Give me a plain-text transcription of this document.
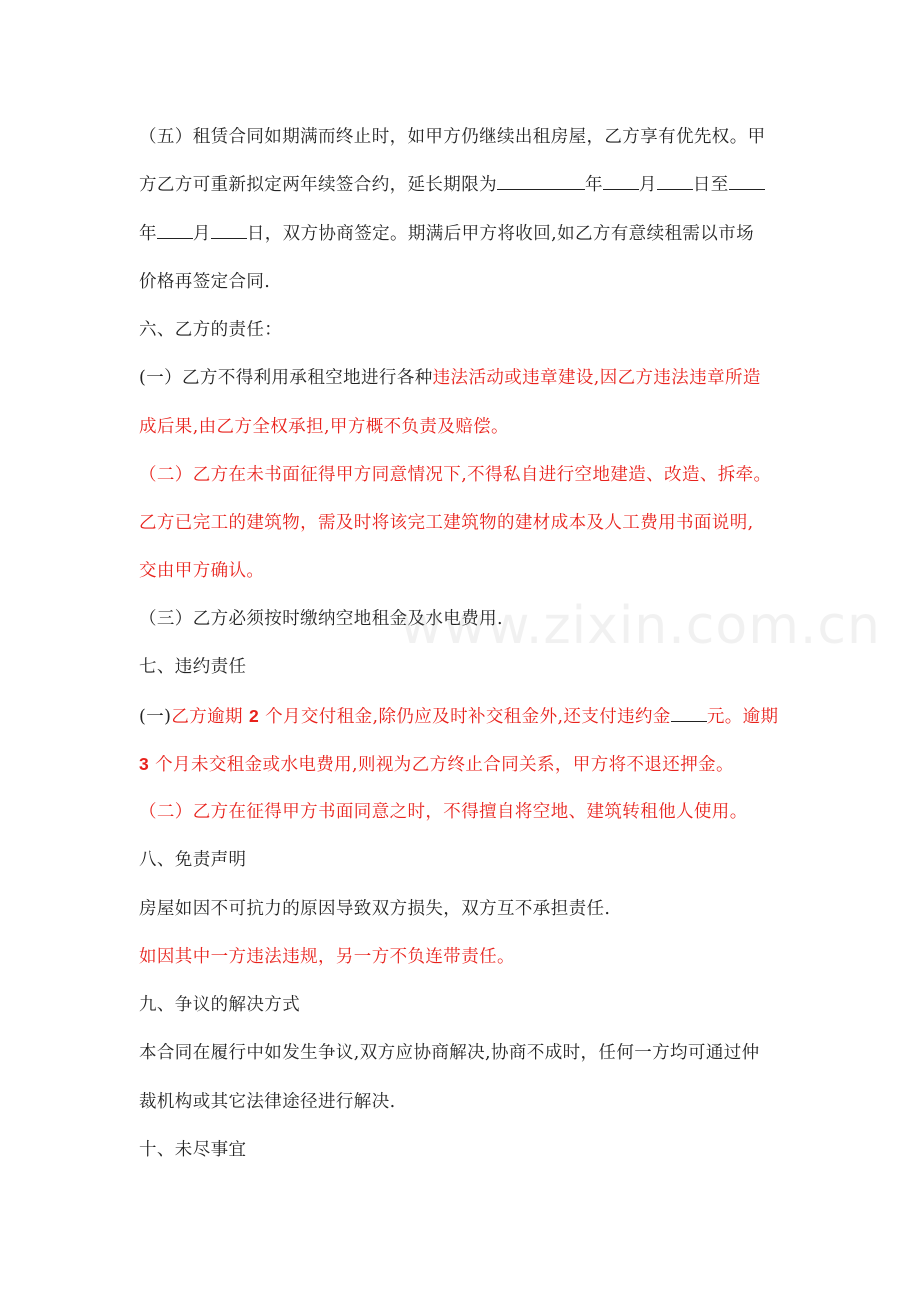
（五）租赁合同如期满而终止时，如甲方仍继续出租房屋，乙方享有优先权。甲
方乙方可重新拟定两年续签合约，延长期限为	年 月 日至
年 月 日，双方协商签定。期满后甲方将收回,如乙方有意续租需以市场
价格再签定合同.
六、乙方的责任：
(一）乙方不得利用承租空地进行各种违法活动或违章建设,因乙方违法违章所造
成后果,由乙方全权承担,甲方概不负责及赔偿。
（二）乙方在未书面征得甲方同意情况下,不得私自进行空地建造、改造、拆牵。
乙方已完工的建筑物，需及时将该完工建筑物的建材成本及人工费用书面说明,
交由甲方确认。
（三）乙方必须按时缴纳空地租金及水电费用.
七、违约责任
(一)乙方逾期 2 个月交付租金,除仍应及时补交租金外,还支付违约金 元。逾期
3 个月未交租金或水电费用,则视为乙方终止合同关系，甲方将不退还押金。
（二）乙方在征得甲方书面同意之时，不得擅自将空地、建筑转租他人使用。
八、免责声明
房屋如因不可抗力的原因导致双方损失，双方互不承担责任.
如因其中一方违法违规，另一方不负连带责任。
九、争议的解决方式
本合同在履行中如发生争议,双方应协商解决,协商不成时，任何一方均可通过仲
裁机构或其它法律途径进行解决.
十、未尽事宜
www.zixin.com.cn
